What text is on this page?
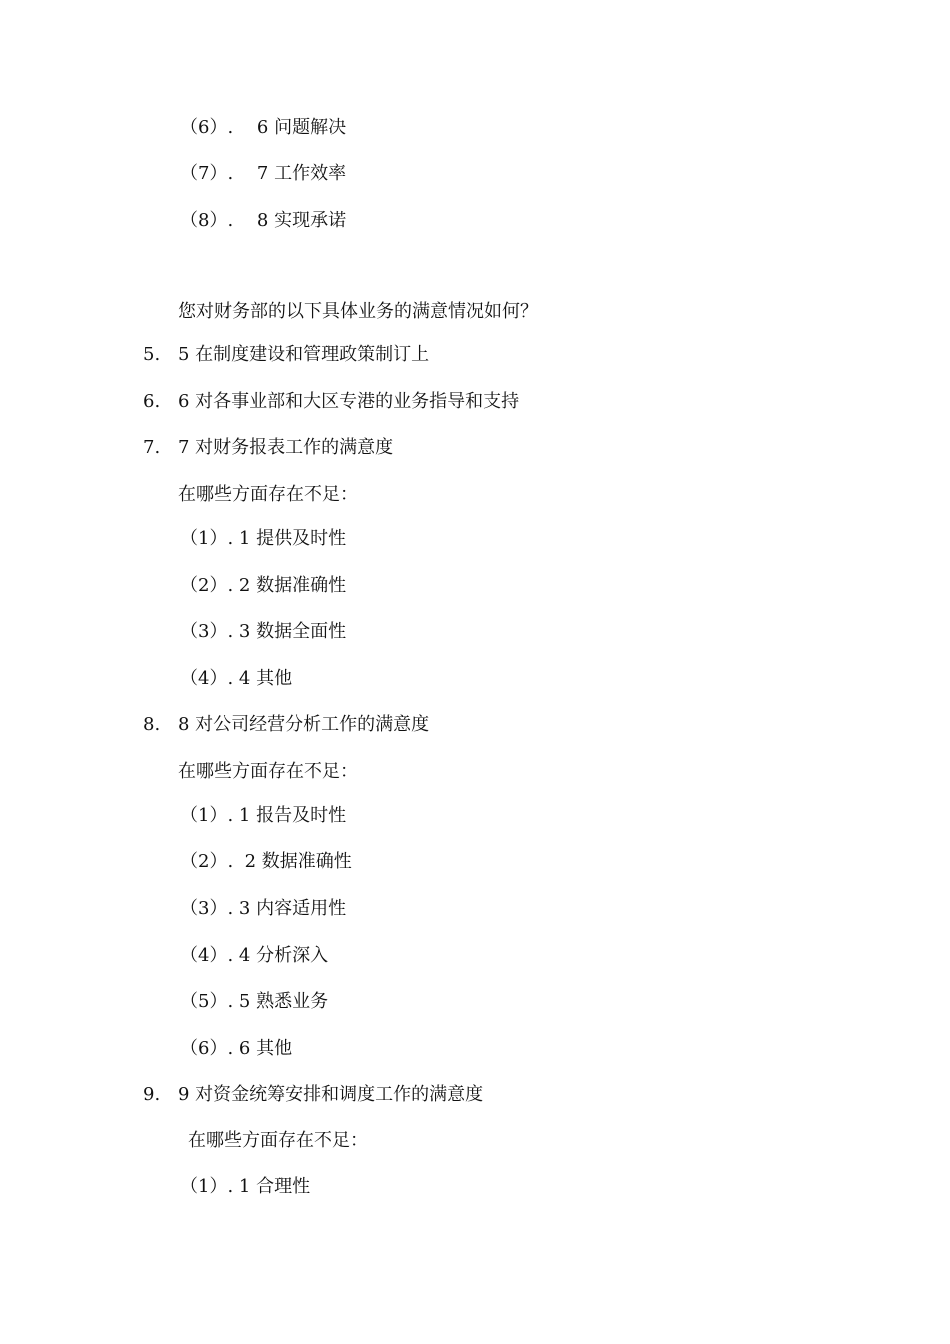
（6）.  6 问题解决
（7）.  7 工作效率
（8）.  8 实现承诺
您对财务部的以下具体业务的满意情况如何？
5. 5 在制度建设和管理政策制订上
6. 6 对各事业部和大区专港的业务指导和支持
7. 7 对财务报表工作的满意度
在哪些方面存在不足：
（1）. 1 提供及时性
（2）. 2 数据准确性
（3）. 3 数据全面性
（4）. 4 其他
8. 8 对公司经营分析工作的满意度
在哪些方面存在不足：
（1）. 1 报告及时性
（2）.  2 数据准确性
（3）. 3 内容适用性
（4）. 4 分析深入
（5）. 5 熟悉业务
（6）. 6 其他
9. 9 对资金统筹安排和调度工作的满意度
在哪些方面存在不足：
（1）. 1 合理性
